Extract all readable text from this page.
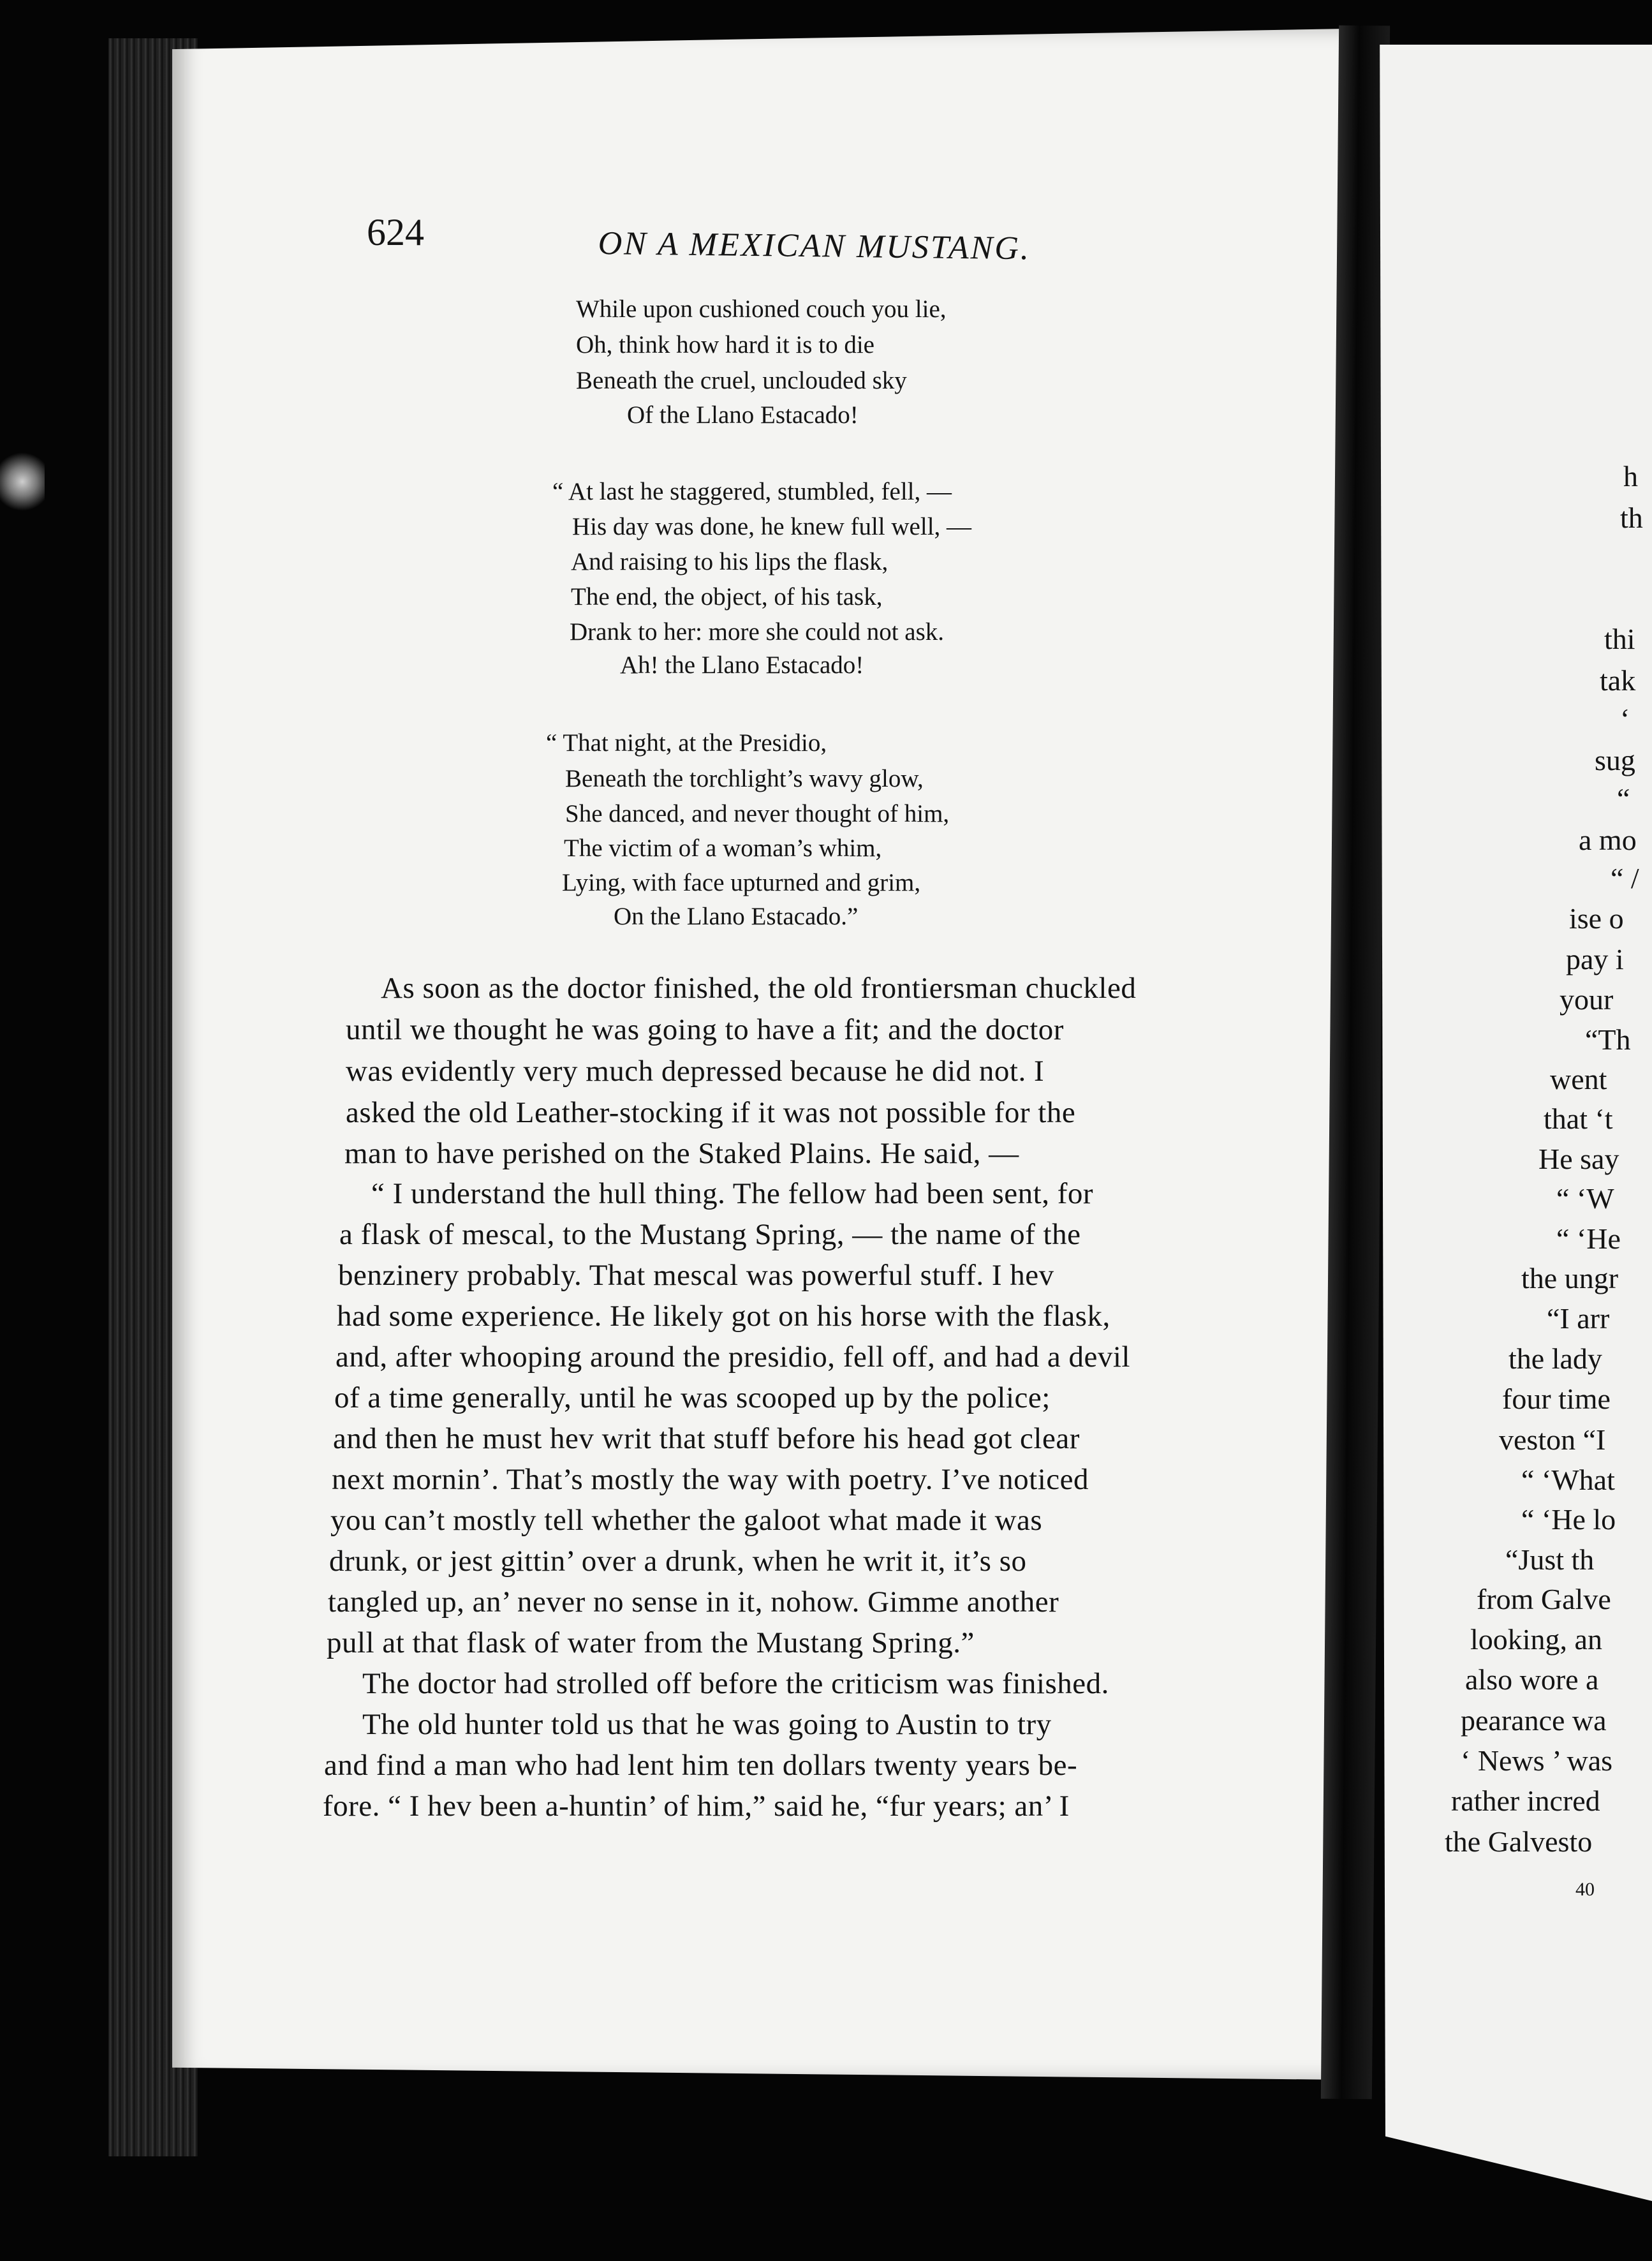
624	ON A MEXICAN MUSTANG.
While upon cushioned couch you lie,
Oh, think how hard it is to die
Beneath the cruel, unclouded sky
Of the Llano Estacado!
“ At last he staggered, stumbled, fell, —
His day was done, he knew full well, —
And raising to his lips the flask,
The end, the object, of his task,
Drank to her: more she could not ask.
Ah! the Llano Estacado!
“ That night, at the Presidio,
Beneath the torchlight’s wavy glow,
She danced, and never thought of him,
The victim of a woman’s whim,
Lying, with face upturned and grim,
On the Llano Estacado.”
As soon as the doctor finished, the old frontiersman chuckled
until we thought he was going to have a fit; and the doctor
was evidently very much depressed because he did not. I
asked the old Leather-stocking if it was not possible for the
man to have perished on the Staked Plains. He said, —
“ I understand the hull thing. The fellow had been sent, for
a flask of mescal, to the Mustang Spring, — the name of the
benzinery probably. That mescal was powerful stuff. I hev
had some experience. He likely got on his horse with the flask,
and, after whooping around the presidio, fell off, and had a devil
of a time generally, until he was scooped up by the police;
and then he must hev writ that stuff before his head got clear
next mornin’. That’s mostly the way with poetry. I’ve noticed
you can’t mostly tell whether the galoot what made it was
drunk, or jest gittin’ over a drunk, when he writ it, it’s so
tangled up, an’ never no sense in it, nohow. Gimme another
pull at that flask of water from the Mustang Spring.”
The doctor had strolled off before the criticism was finished.
The old hunter told us that he was going to Austin to try
and find a man who had lent him ten dollars twenty years be-
fore. “ I hev been a-huntin’ of him,” said he, “fur years; an’ I
h
th
thi
tak
‘
sug
“
a mo
“ /
ise o
pay i
your
“Th
went
that ‘t
He say
“ ‘W
“ ‘He
the ungr
“I arr
the lady
four time
veston “I
“ ‘What
“ ‘He lo
“Just th
from Galve
looking, an
also wore a
pearance wa
‘ News ’ was
rather incred
the Galvesto
40
